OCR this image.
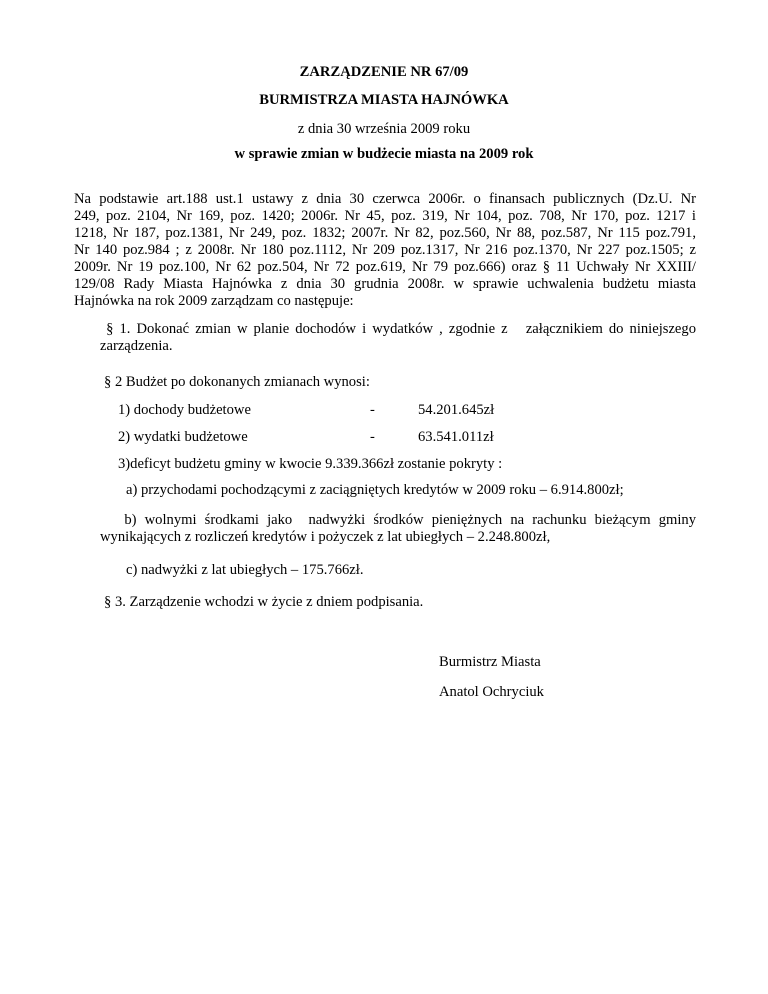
ZARZĄDZENIE NR 67/09
BURMISTRZA MIASTA HAJNÓWKA
z dnia 30 września 2009 roku
w sprawie zmian w budżecie miasta na 2009 rok
Na podstawie art.188 ust.1 ustawy z dnia 30 czerwca 2006r. o finansach publicznych (Dz.U. Nr
249, poz. 2104, Nr 169, poz. 1420; 2006r. Nr 45, poz. 319, Nr 104, poz. 708, Nr 170, poz. 1217 i
1218, Nr 187, poz.1381, Nr 249, poz. 1832; 2007r. Nr 82, poz.560, Nr 88, poz.587, Nr 115 poz.791,
Nr 140 poz.984 ; z 2008r. Nr 180 poz.1112, Nr 209 poz.1317, Nr 216 poz.1370, Nr 227 poz.1505; z
2009r. Nr 19 poz.100, Nr 62 poz.504, Nr 72 poz.619, Nr 79 poz.666) oraz § 11 Uchwały Nr XXIII/
129/08 Rady Miasta Hajnówka z dnia 30 grudnia 2008r. w sprawie uchwalenia budżetu miasta
Hajnówka na rok 2009 zarządzam co następuje:
§ 1. Dokonać zmian w planie dochodów i wydatków , zgodnie z   załącznikiem do niniejszego
zarządzenia.
§ 2 Budżet po dokonanych zmianach wynosi:
1) dochody budżetowe	-	54.201.645zł
2) wydatki budżetowe	-	63.541.011zł
3)deficyt budżetu gminy w kwocie 9.339.366zł zostanie pokryty :
a) przychodami pochodzącymi z zaciągniętych kredytów w 2009 roku – 6.914.800zł;
b) wolnymi środkami jako  nadwyżki środków pieniężnych na rachunku bieżącym gminy
wynikających z rozliczeń kredytów i pożyczek z lat ubiegłych – 2.248.800zł,
c) nadwyżki z lat ubiegłych – 175.766zł.
§ 3. Zarządzenie wchodzi w życie z dniem podpisania.
Burmistrz Miasta
Anatol Ochryciuk
